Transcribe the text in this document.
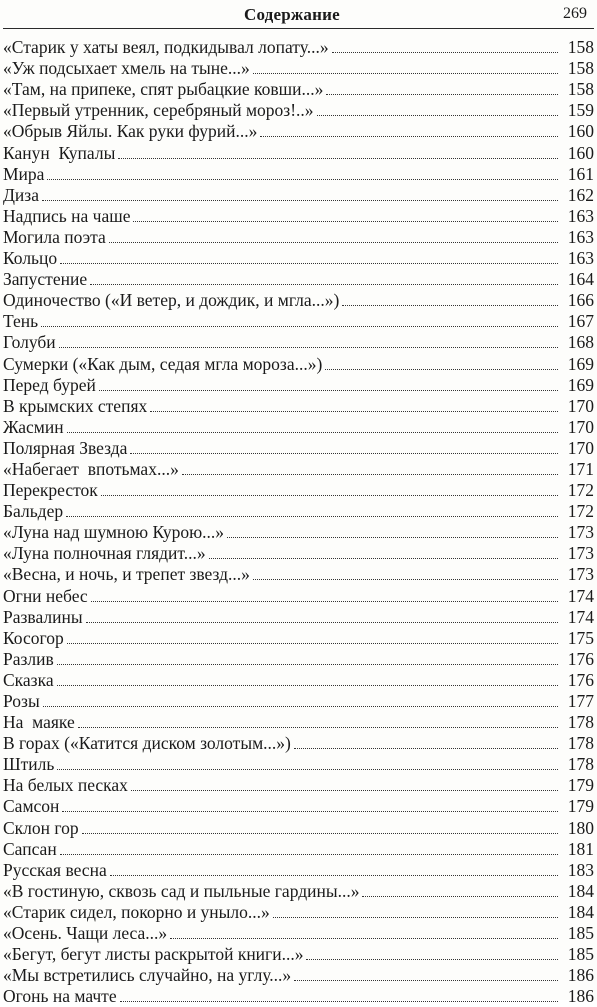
Содержание	269
«Старик у хаты веял, подкидывал лопату...»	158
«Уж подсыхает хмель на тыне...»	158
«Там, на припеке, спят рыбацкие ковши...»	158
«Первый утренник, серебряный мороз!..»	159
«Обрыв Яйлы. Как руки фурий...»	160
Канун  Купалы	160
Мира	161
Диза	162
Надпись на чаше	163
Могила поэта	163
Кольцо	163
Запустение	164
Одиночество («И ветер, и дождик, и мгла...»)	166
Тень	167
Голуби	168
Сумерки («Как дым, седая мгла мороза...»)	169
Перед бурей	169
В крымских степях	170
Жасмин	170
Полярная Звезда	170
«Набегает  впотьмах...»	171
Перекресток	172
Бальдер	172
«Луна над шумною Курою...»	173
«Луна полночная глядит...»	173
«Весна, и ночь, и трепет звезд...»	173
Огни небес	174
Развалины	174
Косогор	175
Разлив	176
Сказка	176
Розы	177
На  маяке	178
В горах («Катится диском золотым...»)	178
Штиль	178
На белых песках	179
Самсон	179
Склон гор	180
Сапсан	181
Русская весна	183
«В гостиную, сквозь сад и пыльные гардины...»	184
«Старик сидел, покорно и уныло...»	184
«Осень. Чащи леса...»	185
«Бегут, бегут листы раскрытой книги...»	185
«Мы встретились случайно, на углу...»	186
Огонь на мачте	186
